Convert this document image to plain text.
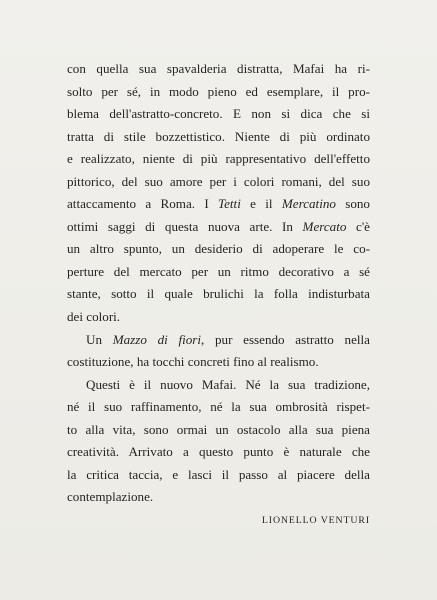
con quella sua spavalderia distratta, Mafai ha ri-
solto per sé, in modo pieno ed esemplare, il pro-
blema dell'astratto-concreto. E non si dica che si
tratta di stile bozzettistico. Niente di più ordinato
e realizzato, niente di più rappresentativo dell'effetto
pittorico, del suo amore per i colori romani, del suo
attaccamento a Roma. I Tetti e il Mercatino sono
ottimi saggi di questa nuova arte. In Mercato c'è
un altro spunto, un desiderio di adoperare le co-
perture del mercato per un ritmo decorativo a sé
stante, sotto il quale brulichi la folla indisturbata
dei colori.
Un Mazzo di fiori, pur essendo astratto nella
costituzione, ha tocchi concreti fino al realismo.
Questi è il nuovo Mafai. Né la sua tradizione,
né il suo raffinamento, né la sua ombrosità rispet-
to alla vita, sono ormai un ostacolo alla sua piena
creatività. Arrivato a questo punto è naturale che
la critica taccia, e lasci il passo al piacere della
contemplazione.
LIONELLO VENTURI
